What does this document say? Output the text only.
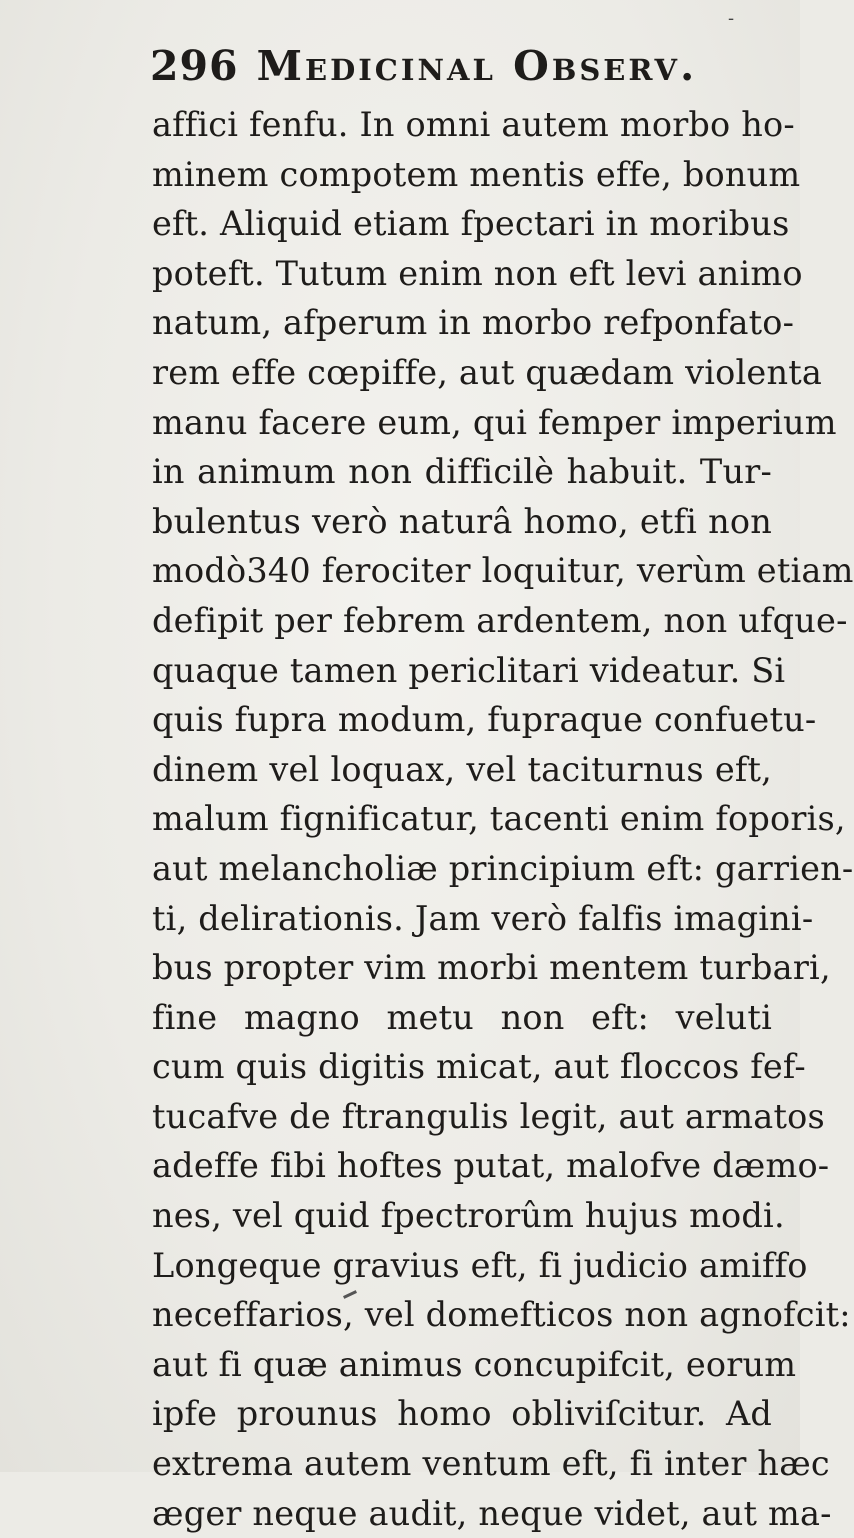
-
296 Medicinal Observ.
affici fenfu. In omni autem morbo ho-
minem compotem mentis effe, bonum
eft. Aliquid etiam fpectari in moribus
poteft. Tutum enim non eft levi animo
natum, afperum in morbo refponfato-
rem effe cœpiffe, aut quædam violenta
manu facere eum, qui femper imperium
in animum non difficilè habuit. Tur-
bulentus verò naturâ homo, etfi non
modò340 ferociter loquitur, verùm etiam
defipit per febrem ardentem, non ufque-
quaque tamen periclitari videatur. Si
quis fupra modum, fupraque confuetu-
dinem vel loquax, vel taciturnus eft,
malum fignificatur, tacenti enim foporis,
aut melancholiæ principium eft: garrien-
ti, delirationis. Jam verò falfis imagini-
bus propter vim morbi mentem turbari,
fine magno metu non eft: veluti
cum quis digitis micat, aut floccos fef-
tucafve de ftrangulis legit, aut armatos
adeffe fibi hoftes putat, malofve dæmo-
nes, vel quid fpectrorûm hujus modi.
Longeque gravius eft, fi judicio amiffo
neceffarios, vel domefticos non agnofcit:
aut fi quæ animus concupifcit, eorum
ipfe prounus homo obliviſcitur. Ad
extrema autem ventum eft, fi inter hæc
æger neque audit, neque videt, aut ma-
